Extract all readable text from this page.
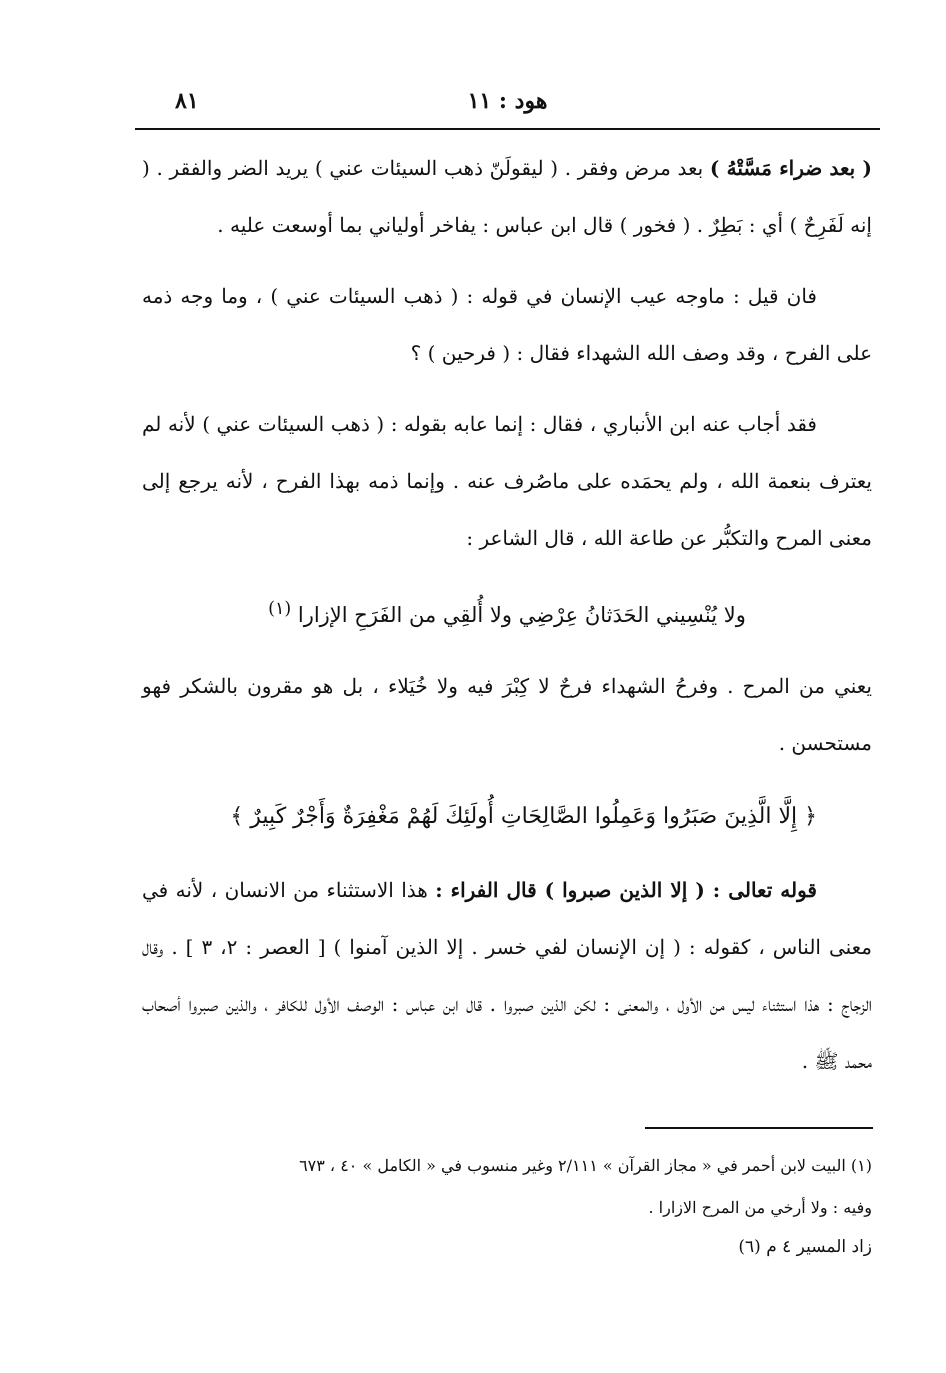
هود : ١١
٨١

( بعد ضراء مَسَّتْهُ ) بعد مرض وفقر . ( ليقولَنّ ذهب السيئات عني ) يريد الضر والفقر . ( إنه لَفَرِحٌ ) أي : بَطِرٌ . ( فخور ) قال ابن عباس : يفاخر أولياني بما أوسعت عليه .

فان قيل : ماوجه عيب الإنسان في قوله : ( ذهب السيئات عني ) ، وما وجه ذمه على الفرح ، وقد وصف الله الشهداء فقال : ( فرحين ) ؟

فقد أجاب عنه ابن الأنباري ، فقال : إنما عابه بقوله : ( ذهب السيئات عني ) لأنه لم يعترف بنعمة الله ، ولم يحمَده على ماصُرف عنه . وإنما ذمه بهذا الفرح ، لأنه يرجع إلى معنى المرح والتكبُّر عن طاعة الله ، قال الشاعر :

ولا يُنْسِيني الحَدَثانُ عِرْضِي ولا أُلقِي من الفَرَحِ الإزارا $^{(١)}$

يعني من المرح . وفرحُ الشهداء فرحٌ لا كِبْرَ فيه ولا خُيَلاء ، بل هو مقرون بالشكر فهو مستحسن .

﴿ إِلَّا الَّذِينَ صَبَرُوا وَعَمِلُوا الصَّالِحَاتِ أُولَئِكَ لَهُمْ مَغْفِرَةٌ وَأَجْرٌ كَبِيرٌ ﴾

قوله تعالى : ( إلا الذين صبروا ) قال الفراء : هذا الاستثناء من الانسان ، لأنه في معنى الناس ، كقوله : ( إن الإنسان لفي خسر . إلا الذين آمنوا ) [ العصر : ٢، ٣ ] . وقال الزجاج : هذا استثناء ليس من الأول ، والمعنى : لكن الذين صبروا . قال ابن عباس : الوصف الأول للكافر ، والذين صبروا أصحاب محمد ﷺ .

(١) البيت لابن أحمر في « مجاز القرآن » ٢/١١١ وغير منسوب في « الكامل » ٤٠ ، ٦٧٣

وفيه : ولا أرخي من المرح الازارا .

زاد المسير ٤ م (٦)
